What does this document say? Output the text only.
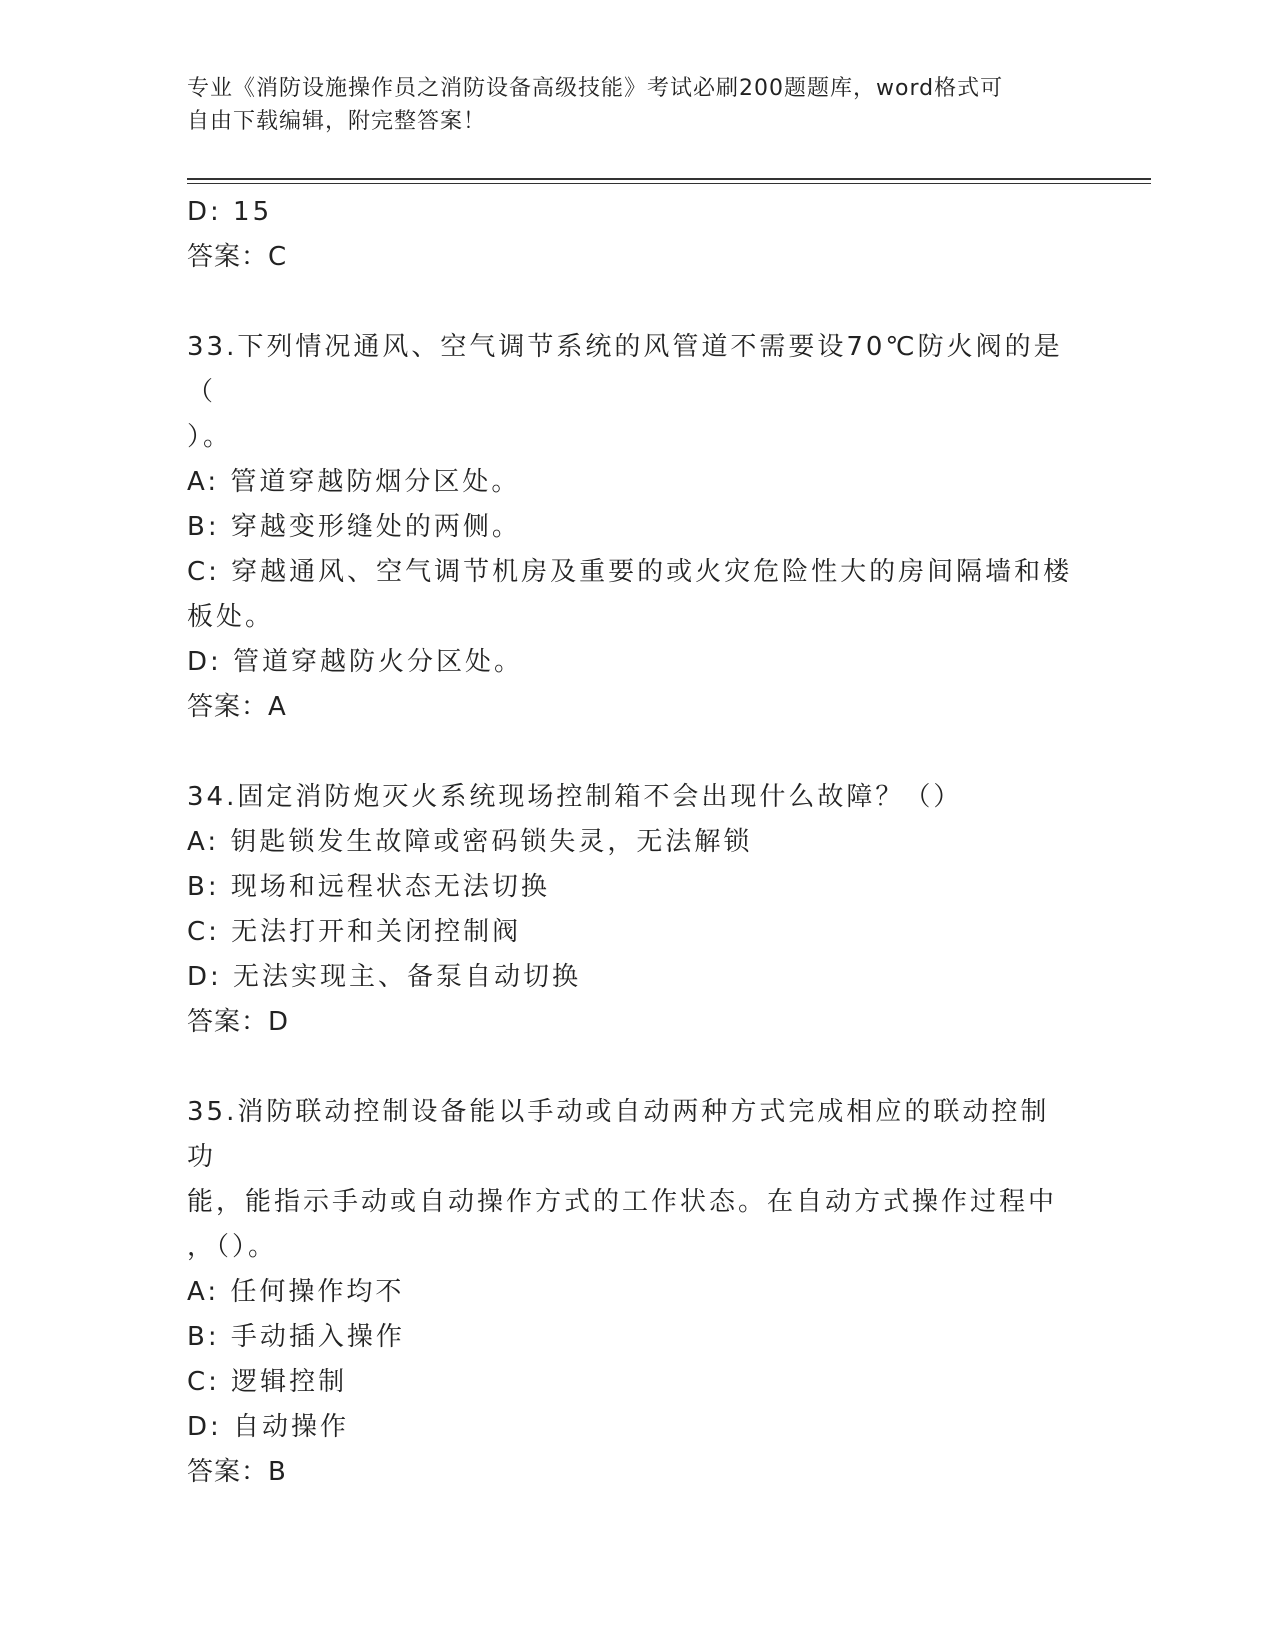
专业《消防设施操作员之消防设备高级技能》考试必刷200题题库，word格式可
自由下载编辑，附完整答案！

D: 15

答案：C

33.下列情况通风、空气调节系统的风管道不需要设70℃防火阀的是（

）。

A: 管道穿越防烟分区处。

B: 穿越变形缝处的两侧。

C: 穿越通风、空气调节机房及重要的或火灾危险性大的房间隔墙和楼

板处。

D: 管道穿越防火分区处。

答案：A

34.固定消防炮灭火系统现场控制箱不会出现什么故障？（）

A: 钥匙锁发生故障或密码锁失灵，无法解锁

B: 现场和远程状态无法切换

C: 无法打开和关闭控制阀

D: 无法实现主、备泵自动切换

答案：D

35.消防联动控制设备能以手动或自动两种方式完成相应的联动控制功

能，能指示手动或自动操作方式的工作状态。在自动方式操作过程中

，（）。

A: 任何操作均不

B: 手动插入操作

C: 逻辑控制

D: 自动操作

答案：B
